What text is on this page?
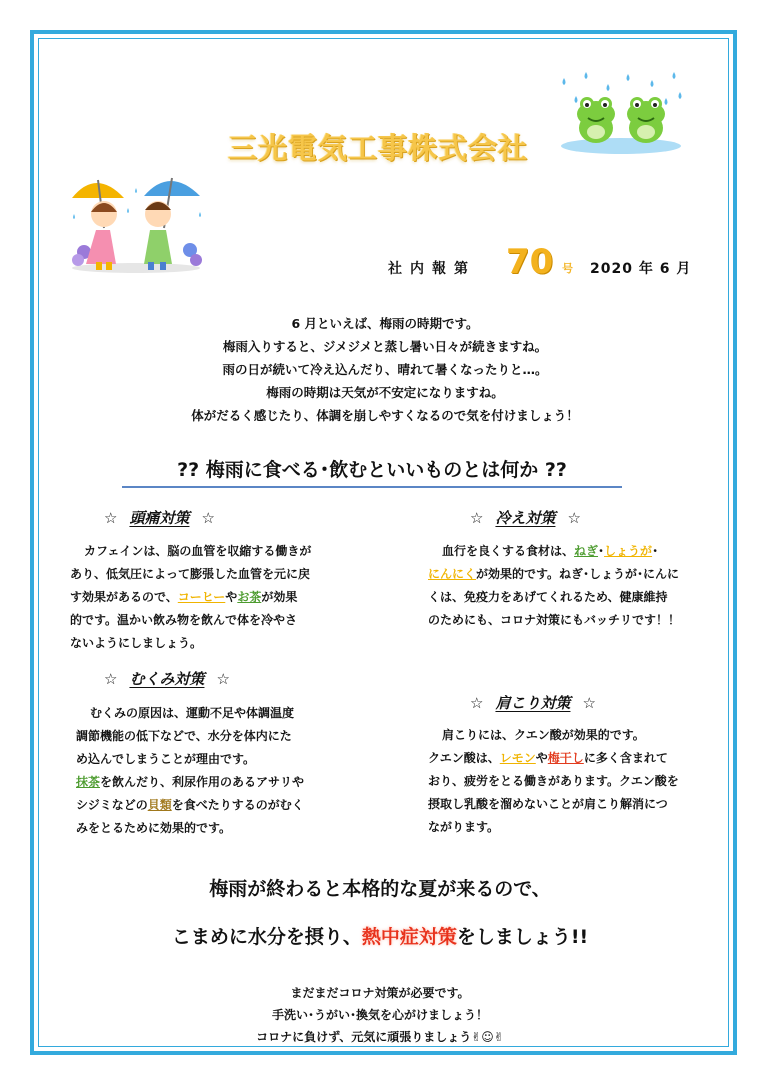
三光電気工事株式会社
社内報第 70 号 2020 年 6 月
6 月といえば、梅雨の時期です。
梅雨入りすると、ジメジメと蒸し暑い日々が続きますね。
雨の日が続いて冷え込んだり、晴れて暑くなったりと…。
梅雨の時期は天気が不安定になりますね。
体がだるく感じたり、体調を崩しやすくなるので気を付けましょう！
?? 梅雨に食べる･飲むといいものとは何か ??
☆ 頭痛対策 ☆
カフェインは、脳の血管を収縮する働きが
あり、低気圧によって膨張した血管を元に戻
す効果があるので、コーヒーやお茶が効果
的です。温かい飲み物を飲んで体を冷やさ
ないようにしましょう。
☆ 冷え対策 ☆
血行を良くする食材は、ねぎ･しょうが･
にんにくが効果的です。ねぎ･しょうが･にんに
くは、免疫力をあげてくれるため、健康維持
のためにも、コロナ対策にもバッチリです！！
☆ むくみ対策 ☆
むくみの原因は、運動不足や体調温度
調節機能の低下などで、水分を体内にた
め込んでしまうことが理由です。
抹茶を飲んだり、利尿作用のあるアサリや
シジミなどの貝類を食べたりするのがむく
みをとるために効果的です。
☆ 肩こり対策 ☆
肩こりには、クエン酸が効果的です。
クエン酸は、レモンや梅干しに多く含まれて
おり、疲労をとる働きがあります。クエン酸を
摂取し乳酸を溜めないことが肩こり解消につ
ながります。
梅雨が終わると本格的な夏が来るので、
こまめに水分を摂り、熱中症対策をしましょう!!
まだまだコロナ対策が必要です。
手洗い･うがい･換気を心がけましょう！
コロナに負けず、元気に頑張りましょう✌☺✌
